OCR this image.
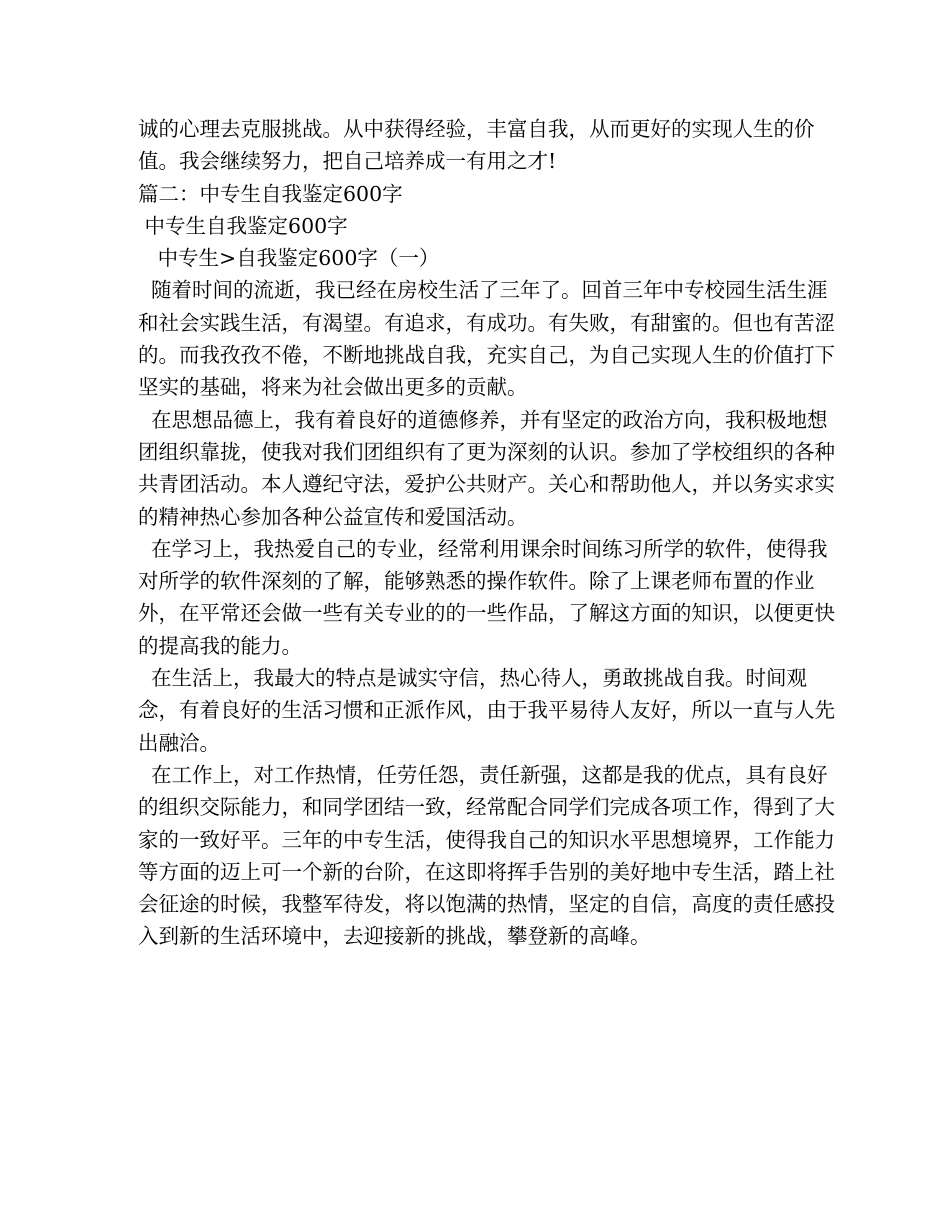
诚的心理去克服挑战。从中获得经验，丰富自我，从而更好的实现人生的价值。我会继续努力，把自己培养成一有用之才!

篇二：中专生自我鉴定600字

中专生自我鉴定600字

中专生>自我鉴定600字（一）

随着时间的流逝，我已经在房校生活了三年了。回首三年中专校园生活生涯和社会实践生活，有渴望。有追求，有成功。有失败，有甜蜜的。但也有苦涩的。而我孜孜不倦，不断地挑战自我，充实自己，为自己实现人生的价值打下坚实的基础，将来为社会做出更多的贡献。

在思想品德上，我有着良好的道德修养，并有坚定的政治方向，我积极地想团组织靠拢，使我对我们团组织有了更为深刻的认识。参加了学校组织的各种共青团活动。本人遵纪守法，爱护公共财产。关心和帮助他人，并以务实求实的精神热心参加各种公益宣传和爱国活动。

在学习上，我热爱自己的专业，经常利用课余时间练习所学的软件，使得我对所学的软件深刻的了解，能够熟悉的操作软件。除了上课老师布置的作业外，在平常还会做一些有关专业的的一些作品，了解这方面的知识，以便更快的提高我的能力。

在生活上，我最大的特点是诚实守信，热心待人，勇敢挑战自我。时间观念，有着良好的生活习惯和正派作风，由于我平易待人友好，所以一直与人先出融洽。

在工作上，对工作热情，任劳任怨，责任新强，这都是我的优点，具有良好的组织交际能力，和同学团结一致，经常配合同学们完成各项工作，得到了大家的一致好平。三年的中专生活，使得我自己的知识水平思想境界，工作能力等方面的迈上可一个新的台阶，在这即将挥手告别的美好地中专生活，踏上社会征途的时候，我整军待发，将以饱满的热情，坚定的自信，高度的责任感投入到新的生活环境中，去迎接新的挑战，攀登新的高峰。
